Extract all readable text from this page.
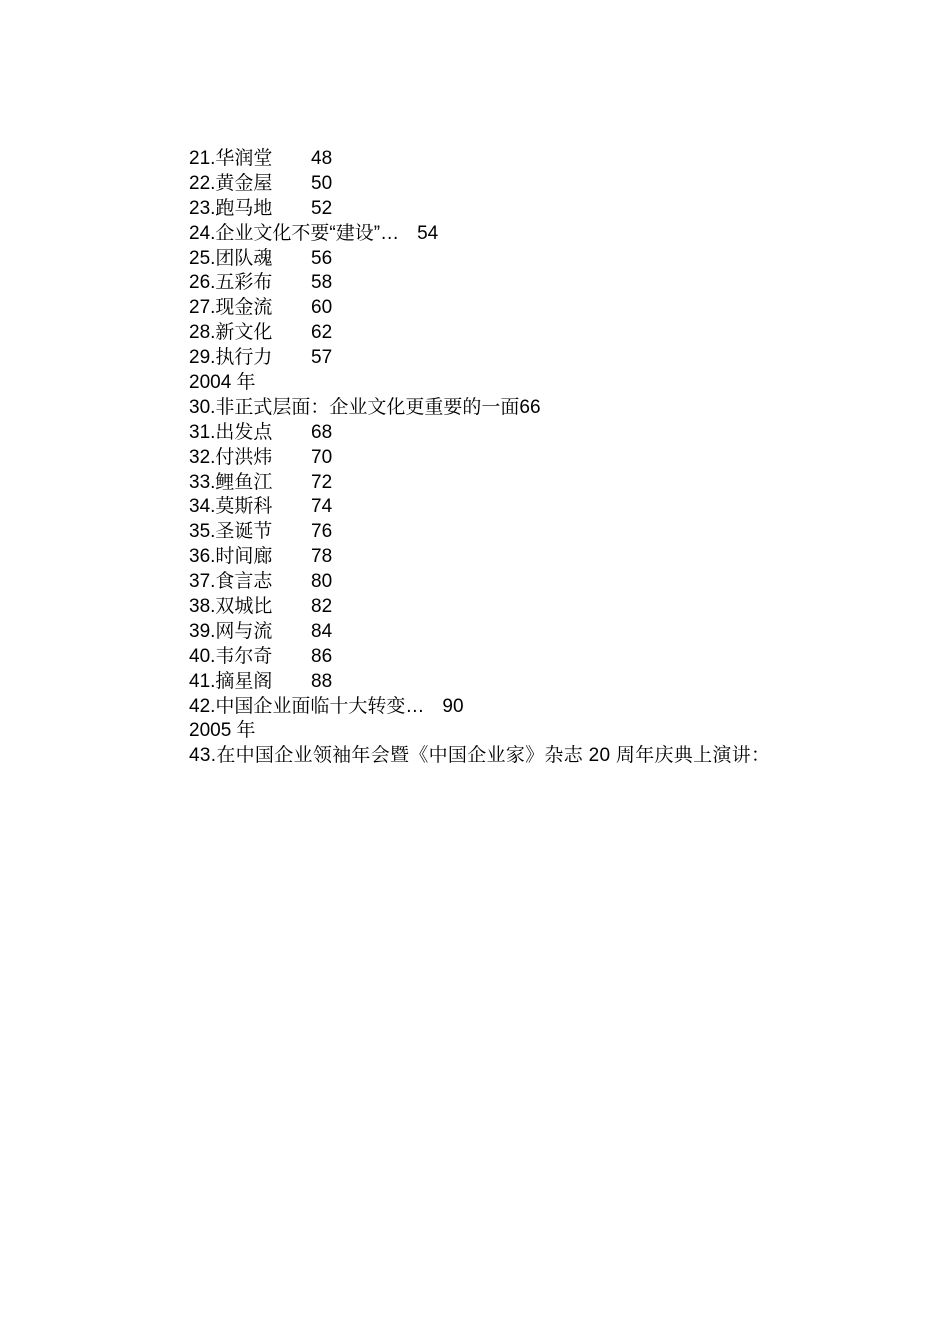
21.华润堂 48
22.黄金屋 50
23.跑马地 52
24.企业文化不要“建设”… 54
25.团队魂 56
26.五彩布 58
27.现金流 60
28.新文化 62
29.执行力 57
2004 年
30.非正式层面：企业文化更重要的一面66
31.出发点 68
32.付洪炜 70
33.鲤鱼江 72
34.莫斯科 74
35.圣诞节 76
36.时间廊 78
37.食言志 80
38.双城比 82
39.网与流 84
40.韦尔奇 86
41.摘星阁 88
42.中国企业面临十大转变… 90
2005 年
43.在中国企业领袖年会暨《中国企业家》杂志 20 周年庆典上演讲：
